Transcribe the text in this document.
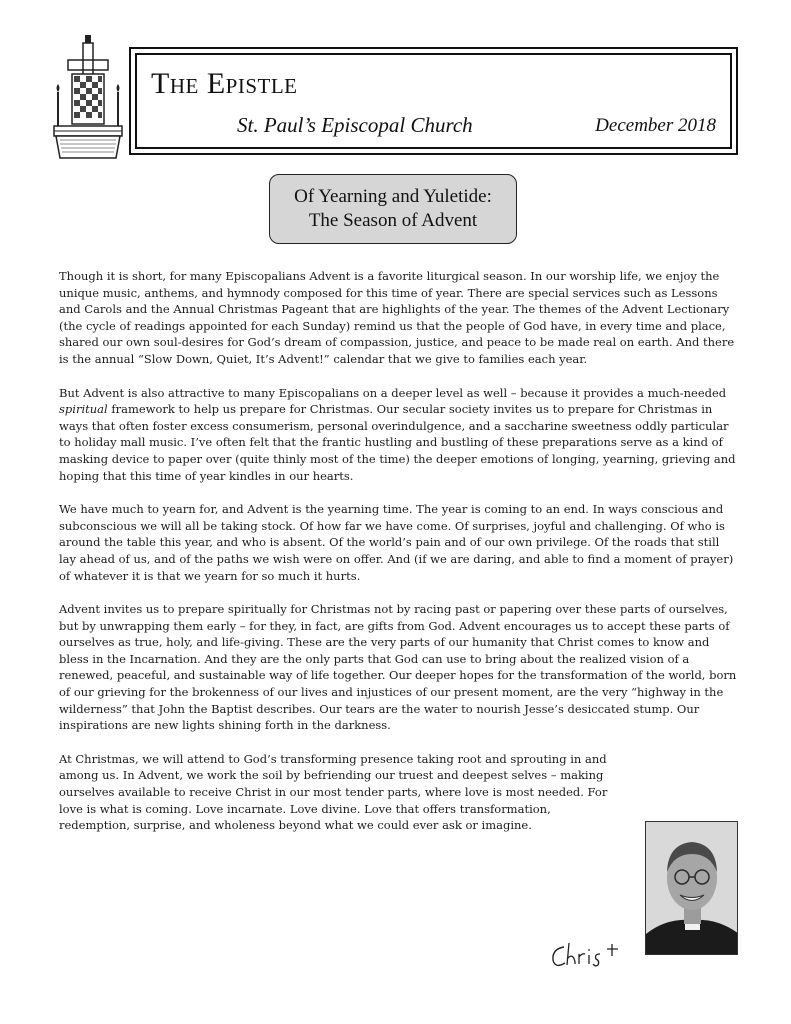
The Epistle
St. Paul’s Episcopal Church	December 2018
Of Yearning and Yuletide:
The Season of Advent

Though it is short, for many Episcopalians Advent is a favorite liturgical season. In our worship life, we enjoy the unique music, anthems, and hymnody composed for this time of year. There are special services such as Lessons and Carols and the Annual Christmas Pageant that are highlights of the year. The themes of the Advent Lectionary (the cycle of readings appointed for each Sunday) remind us that the people of God have, in every time and place, shared our own soul-desires for God’s dream of compassion, justice, and peace to be made real on earth. And there is the annual “Slow Down, Quiet, It’s Advent!” calendar that we give to families each year.

But Advent is also attractive to many Episcopalians on a deeper level as well – because it provides a much-needed spiritual framework to help us prepare for Christmas. Our secular society invites us to prepare for Christmas in ways that often foster excess consumerism, personal overindulgence, and a saccharine sweetness oddly particular to holiday mall music. I’ve often felt that the frantic hustling and bustling of these preparations serve as a kind of masking device to paper over (quite thinly most of the time) the deeper emotions of longing, yearning, grieving and hoping that this time of year kindles in our hearts.

We have much to yearn for, and Advent is the yearning time. The year is coming to an end. In ways conscious and subconscious we will all be taking stock. Of how far we have come. Of surprises, joyful and challenging. Of who is around the table this year, and who is absent. Of the world’s pain and of our own privilege. Of the roads that still lay ahead of us, and of the paths we wish were on offer. And (if we are daring, and able to find a moment of prayer) of whatever it is that we yearn for so much it hurts.

Advent invites us to prepare spiritually for Christmas not by racing past or papering over these parts of ourselves, but by unwrapping them early – for they, in fact, are gifts from God. Advent encourages us to accept these parts of ourselves as true, holy, and life-giving. These are the very parts of our humanity that Christ comes to know and bless in the Incarnation. And they are the only parts that God can use to bring about the realized vision of a renewed, peaceful, and sustainable way of life together. Our deeper hopes for the transformation of the world, born of our grieving for the brokenness of our lives and injustices of our present moment, are the very “highway in the wilderness” that John the Baptist describes. Our tears are the water to nourish Jesse’s desiccated stump. Our inspirations are new lights shining forth in the darkness.

At Christmas, we will attend to God’s transforming presence taking root and sprouting in and among us. In Advent, we work the soil by befriending our truest and deepest selves – making ourselves available to receive Christ in our most tender parts, where love is most needed. For love is what is coming. Love incarnate. Love divine. Love that offers transformation, redemption, surprise, and wholeness beyond what we could ever ask or imagine.
